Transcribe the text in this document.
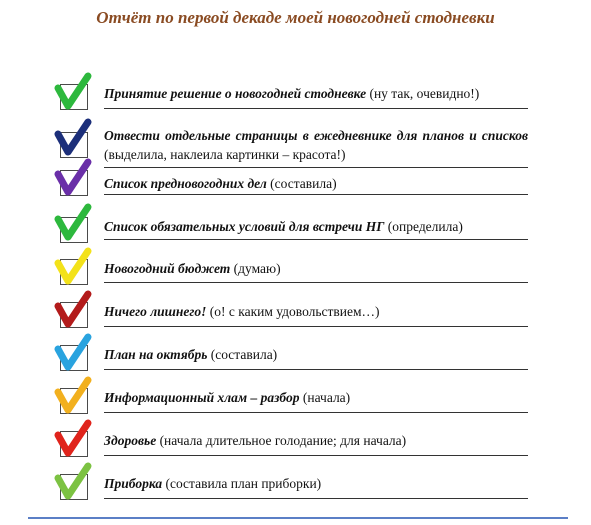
Отчёт по первой декаде моей новогодней стодневки
Принятие решение о новогодней стодневке (ну так, очевидно!)
Отвести отдельные страницы в ежедневнике для планов и списков (выделила, наклеила картинки – красота!)
Список предновогодних дел (составила)
Список обязательных условий для встречи НГ (определила)
Новогодний бюджет (думаю)
Ничего лишнего! (о! с каким удовольствием…)
План на октябрь (составила)
Информационный хлам – разбор (начала)
Здоровье (начала длительное голодание; для начала)
Приборка (составила план приборки)
